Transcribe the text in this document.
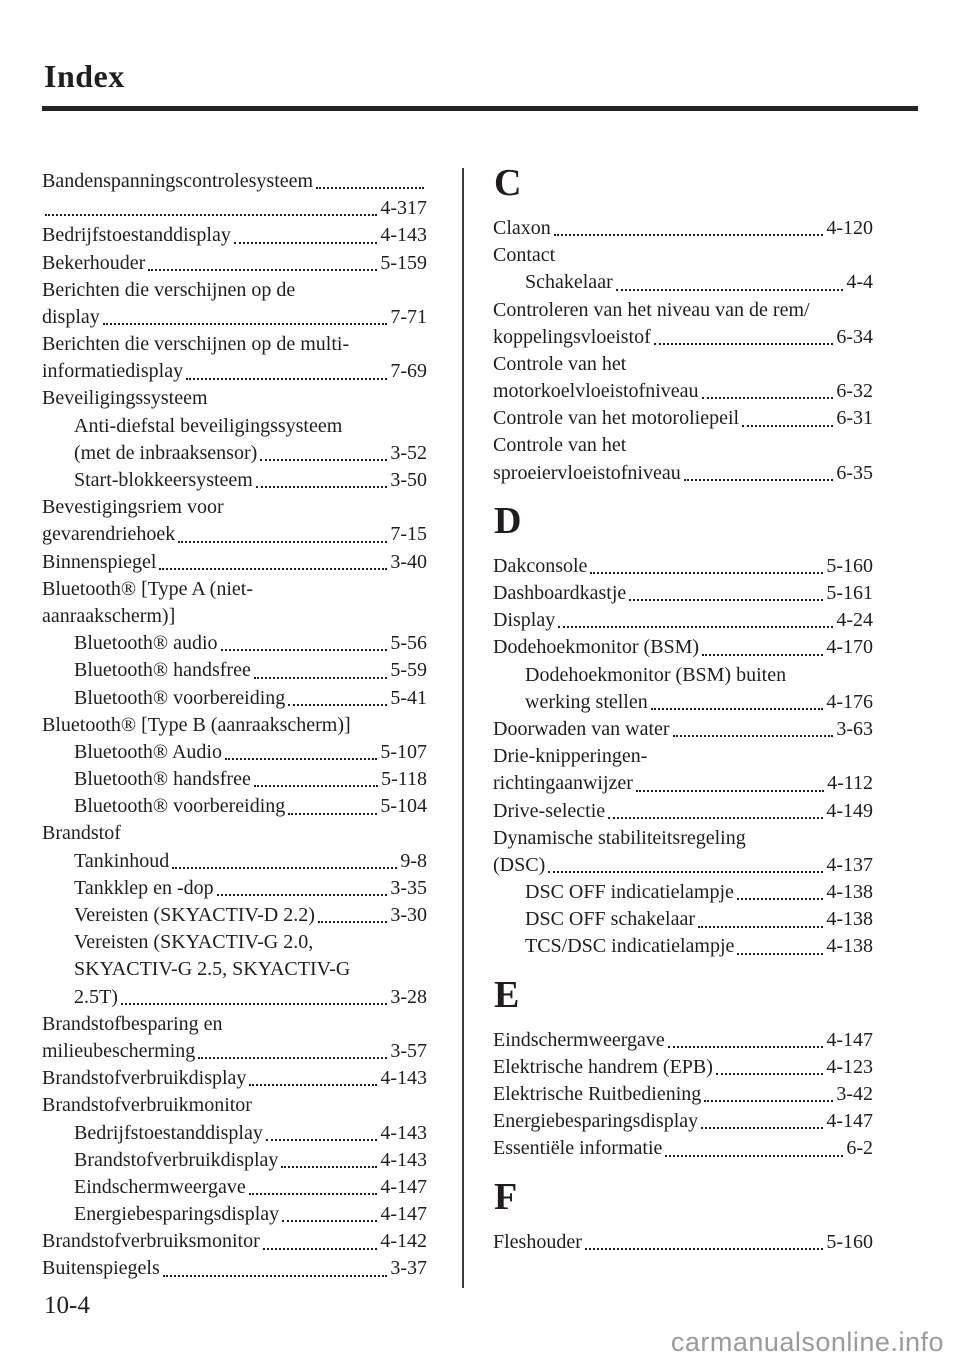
Index
Bandenspanningscontrolesysteem
4-317
Bedrijfstoestanddisplay	4-143
Bekerhouder	5-159
Berichten die verschijnen op de
display	7-71
Berichten die verschijnen op de multi-
informatiedisplay	7-69
Beveiligingssysteem
Anti-diefstal beveiligingssysteem
(met de inbraaksensor)	3-52
Start-blokkeersysteem	3-50
Bevestigingsriem voor
gevarendriehoek	7-15
Binnenspiegel	3-40
Bluetooth® [Type A (niet-
aanraakscherm)]
Bluetooth® audio	5-56
Bluetooth® handsfree	5-59
Bluetooth® voorbereiding	5-41
Bluetooth® [Type B (aanraakscherm)]
Bluetooth® Audio	5-107
Bluetooth® handsfree	5-118
Bluetooth® voorbereiding	5-104
Brandstof
Tankinhoud	9-8
Tankklep en -dop	3-35
Vereisten (SKYACTIV-D 2.2)	3-30
Vereisten (SKYACTIV-G 2.0,
SKYACTIV-G 2.5, SKYACTIV-G
2.5T)	3-28
Brandstofbesparing en
milieubescherming	3-57
Brandstofverbruikdisplay	4-143
Brandstofverbruikmonitor
Bedrijfstoestanddisplay	4-143
Brandstofverbruikdisplay	4-143
Eindschermweergave	4-147
Energiebesparingsdisplay	4-147
Brandstofverbruiksmonitor	4-142
Buitenspiegels	3-37
C
Claxon	4-120
Contact
Schakelaar	4-4
Controleren van het niveau van de rem/
koppelingsvloeistof	6-34
Controle van het
motorkoelvloeistofniveau	6-32
Controle van het motoroliepeil	6-31
Controle van het
sproeiervloeistofniveau	6-35
D
Dakconsole	5-160
Dashboardkastje	5-161
Display	4-24
Dodehoekmonitor (BSM)	4-170
Dodehoekmonitor (BSM) buiten
werking stellen	4-176
Doorwaden van water	3-63
Drie-knipperingen-
richtingaanwijzer	4-112
Drive-selectie	4-149
Dynamische stabiliteitsregeling
(DSC)	4-137
DSC OFF indicatielampje	4-138
DSC OFF schakelaar	4-138
TCS/DSC indicatielampje	4-138
E
Eindschermweergave	4-147
Elektrische handrem (EPB)	4-123
Elektrische Ruitbediening	3-42
Energiebesparingsdisplay	4-147
Essentiële informatie	6-2
F
Fleshouder	5-160
10-4
carmanualsonline.info
